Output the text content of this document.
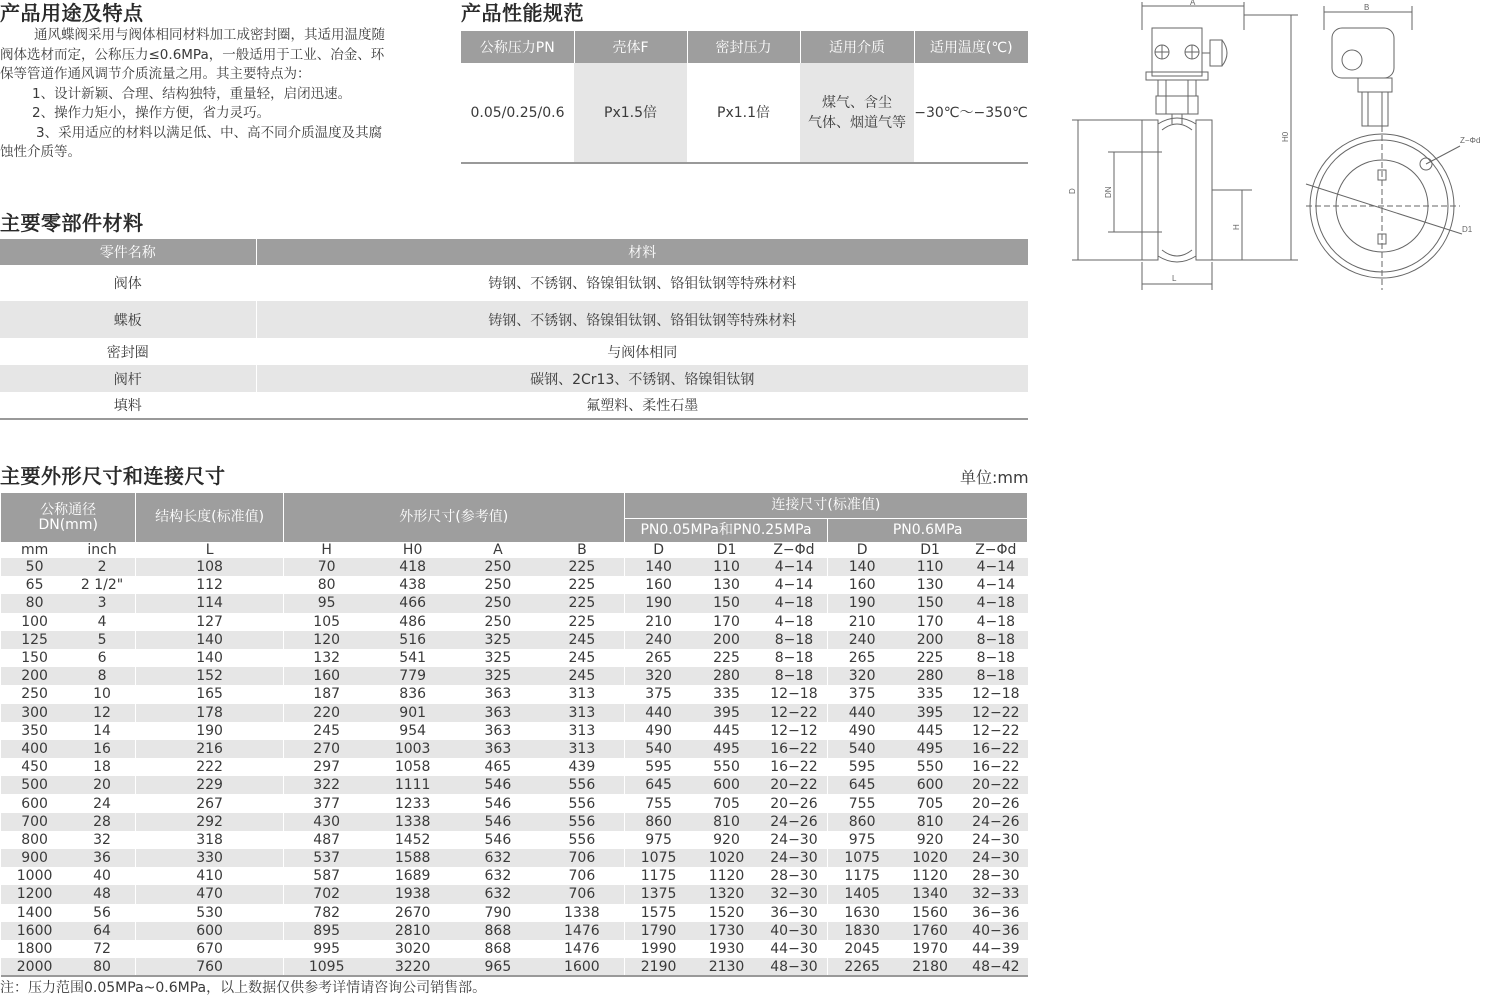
产品用途及特点

通风蝶阀采用与阀体相同材料加工成密封圈，其适用温度随

阀体选材而定，公称压力≤0.6MPa，一般适用于工业、冶金、环

保等管道作通风调节介质流量之用。其主要特点为：

1、设计新颖、合理、结构独特，重量轻，启闭迅速。

2、操作力矩小，操作方便，省力灵巧。

3、采用适应的材料以满足低、中、高不同介质温度及其腐

蚀性介质等。

产品性能规范
公称压力PN	壳体F	密封压力	适用介质	适用温度(℃)
0.05/0.25/0.6	Px1.5倍	Px1.1倍	煤气、含尘
气体、烟道气等	−30℃～−350℃
主要零部件材料
零件名称	材料
阀体	铸钢、不锈钢、铬镍钼钛钢、铬钼钛钢等特殊材料
蝶板	铸钢、不锈钢、铬镍钼钛钢、铬钼钛钢等特殊材料
密封圈	与阀体相同
阀杆	碳钢、2Cr13、不锈钢、铬镍钼钛钢
填料	氟塑料、柔性石墨
主要外形尺寸和连接尺寸	单位:mm
公称通径
DN(mm)		结构长度(标准值)	外形尺寸(参考值)				连接尺寸(标准值)					
							PN0.05MPa和PN0.25MPa			PN0.6MPa		
mm	inch	L	H	H0	A	B	D	D1	Z−Φd	D	D1	Z−Φd
50	2	108	70	418	250	225	140	110	4−14	140	110	4−14
65	2 1/2"	112	80	438	250	225	160	130	4−14	160	130	4−14
80	3	114	95	466	250	225	190	150	4−18	190	150	4−18
100	4	127	105	486	250	225	210	170	4−18	210	170	4−18
125	5	140	120	516	325	245	240	200	8−18	240	200	8−18
150	6	140	132	541	325	245	265	225	8−18	265	225	8−18
200	8	152	160	779	325	245	320	280	8−18	320	280	8−18
250	10	165	187	836	363	313	375	335	12−18	375	335	12−18
300	12	178	220	901	363	313	440	395	12−22	440	395	12−22
350	14	190	245	954	363	313	490	445	12−12	490	445	12−22
400	16	216	270	1003	363	313	540	495	16−22	540	495	16−22
450	18	222	297	1058	465	439	595	550	16−22	595	550	16−22
500	20	229	322	1111	546	556	645	600	20−22	645	600	20−22
600	24	267	377	1233	546	556	755	705	20−26	755	705	20−26
700	28	292	430	1338	546	556	860	810	24−26	860	810	24−26
800	32	318	487	1452	546	556	975	920	24−30	975	920	24−30
900	36	330	537	1588	632	706	1075	1020	24−30	1075	1020	24−30
1000	40	410	587	1689	632	706	1175	1120	28−30	1175	1120	28−30
1200	48	470	702	1938	632	706	1375	1320	32−30	1405	1340	32−33
1400	56	530	782	2670	790	1338	1575	1520	36−30	1630	1560	36−36
1600	64	600	895	2810	868	1476	1790	1730	40−30	1830	1760	40−36
1800	72	670	995	3020	868	1476	1990	1930	44−30	2045	1970	44−39
2000	80	760	1095	3220	965	1600	2190	2130	48−30	2265	2180	48−42
注：压力范围0.05MPa~0.6MPa，以上数据仅供参考详情请咨询公司销售部。
A
B
H0
D	DN
H
L
Z−Φd
D1
